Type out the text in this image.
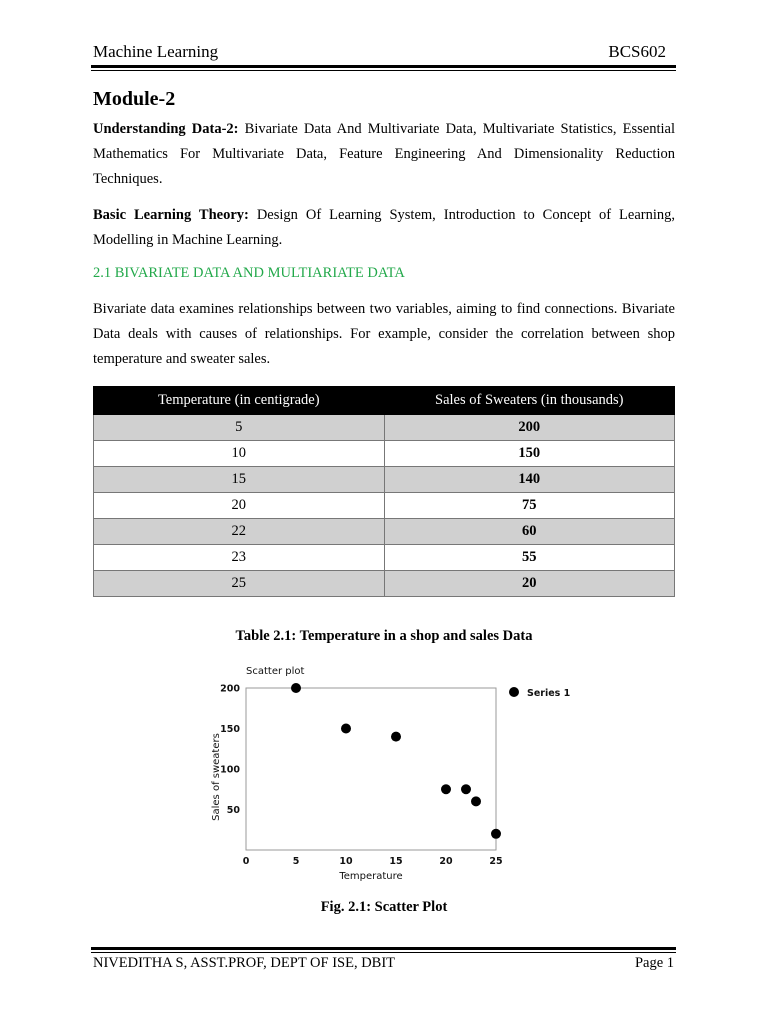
Machine Learning	BCS602
Module-2

Understanding Data-2: Bivariate Data And Multivariate Data, Multivariate Statistics, Essential Mathematics For Multivariate Data, Feature Engineering And Dimensionality Reduction Techniques.

Basic Learning Theory: Design Of Learning System, Introduction to Concept of Learning, Modelling in Machine Learning.

2.1 BIVARIATE DATA AND MULTIARIATE DATA

Bivariate data examines relationships between two variables, aiming to find connections. Bivariate Data deals with causes of relationships. For example, consider the correlation between shop temperature and sweater sales.

Temperature (in centigrade)	Sales of Sweaters (in thousands)
5	200
10	150
15	140
20	75
22	60
23	55
25	20
Table 2.1: Temperature in a shop and sales Data
Scatter plot
0	5	10	15	20	25
50
100
150
200
Temperature
Sales of sweaters
Series 1
Fig. 2.1: Scatter Plot
NIVEDITHA S, ASST.PROF, DEPT OF ISE, DBIT	Page 1
